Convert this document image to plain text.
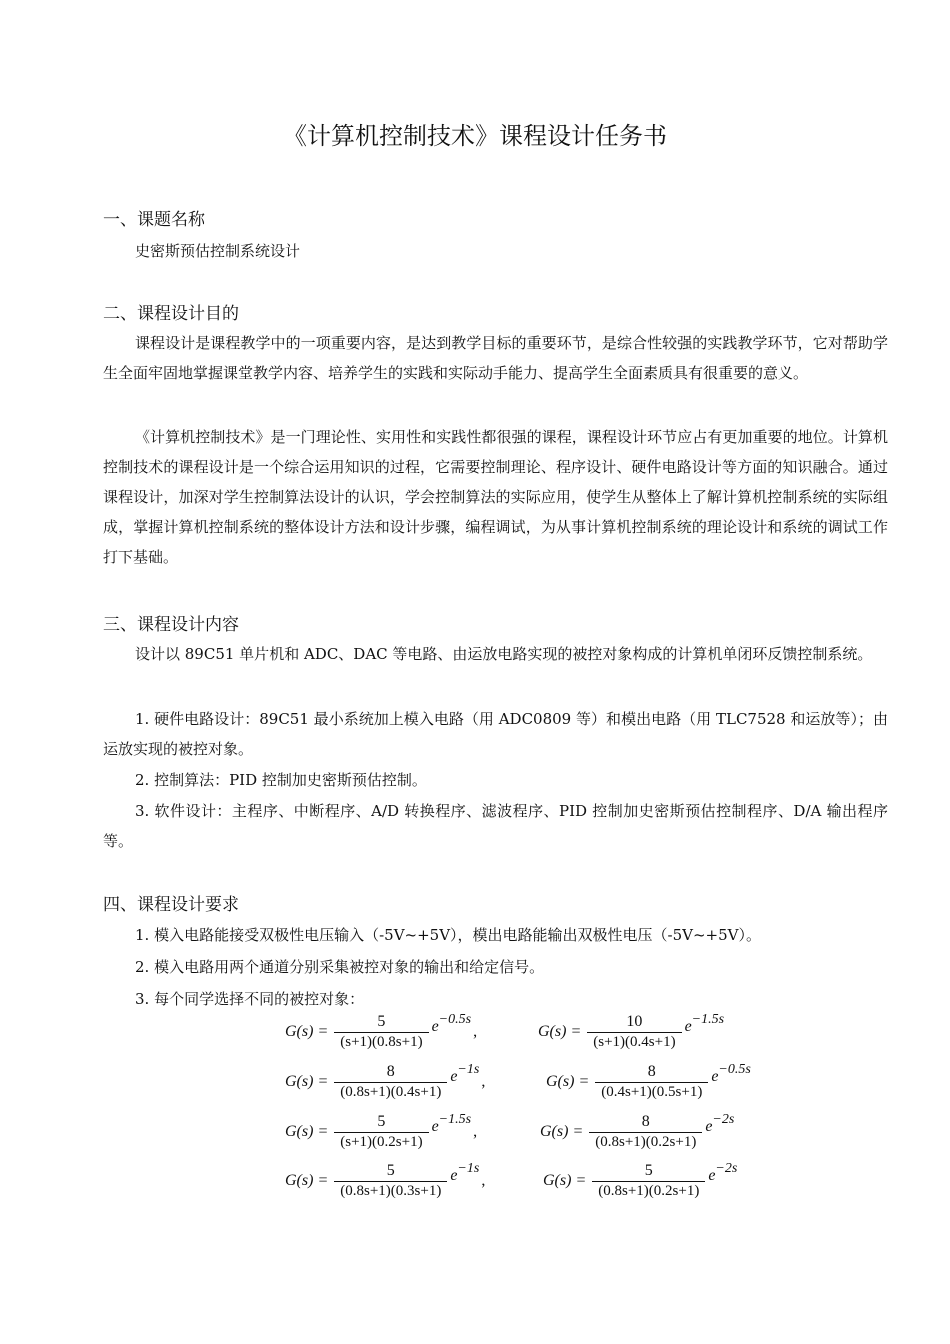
《计算机控制技术》课程设计任务书
一、课题名称
史密斯预估控制系统设计
二、课程设计目的
课程设计是课程教学中的一项重要内容，是达到教学目标的重要环节，是综合性较强的实践教学环节，它对帮助学生全面牢固地掌握课堂教学内容、培养学生的实践和实际动手能力、提高学生全面素质具有很重要的意义。
《计算机控制技术》是一门理论性、实用性和实践性都很强的课程，课程设计环节应占有更加重要的地位。计算机控制技术的课程设计是一个综合运用知识的过程，它需要控制理论、程序设计、硬件电路设计等方面的知识融合。通过课程设计，加深对学生控制算法设计的认识，学会控制算法的实际应用，使学生从整体上了解计算机控制系统的实际组成，掌握计算机控制系统的整体设计方法和设计步骤，编程调试，为从事计算机控制系统的理论设计和系统的调试工作打下基础。
三、课程设计内容
设计以 89C51 单片机和 ADC、DAC 等电路、由运放电路实现的被控对象构成的计算机单闭环反馈控制系统。
1. 硬件电路设计：89C51 最小系统加上模入电路（用 ADC0809 等）和模出电路（用 TLC7528 和运放等）；由运放实现的被控对象。
2. 控制算法：PID 控制加史密斯预估控制。
3. 软件设计：主程序、中断程序、A/D 转换程序、滤波程序、PID 控制加史密斯预估控制程序、D/A 输出程序等。
四、课程设计要求
1. 模入电路能接受双极性电压输入（-5V~+5V），模出电路能输出双极性电压（-5V~+5V）。
2. 模入电路用两个通道分别采集被控对象的输出和给定信号。
3. 每个同学选择不同的被控对象：
$G(s) = \frac{5}{(s+1)(0.8s+1)} e^{-0.5s}$
,	$G(s) = \frac{10}{(s+1)(0.4s+1)} e^{-1.5s}$
$G(s) = \frac{8}{(0.8s+1)(0.4s+1)} e^{-1s}$
,	$G(s) = \frac{8}{(0.4s+1)(0.5s+1)} e^{-0.5s}$
$G(s) = \frac{5}{(s+1)(0.2s+1)} e^{-1.5s}$
,	$G(s) = \frac{8}{(0.8s+1)(0.2s+1)} e^{-2s}$
$G(s) = \frac{5}{(0.8s+1)(0.3s+1)} e^{-1s}$
,	$G(s) = \frac{5}{(0.8s+1)(0.2s+1)} e^{-2s}$
